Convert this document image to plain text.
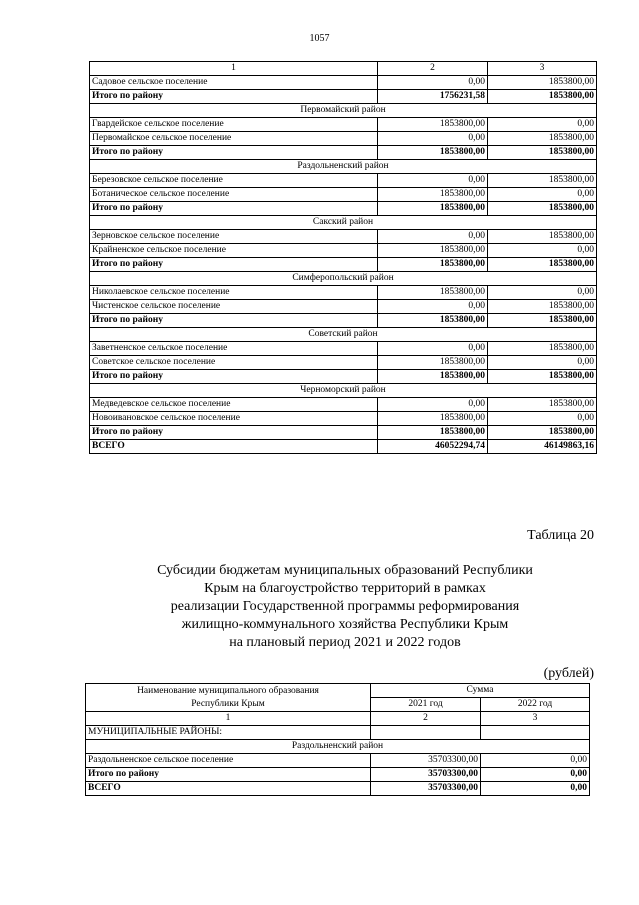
1057
1	2	3
Садовое сельское поселение	0,00	1853800,00
Итого по району	1756231,58	1853800,00
Первомайский район		
Гвардейское сельское поселение	1853800,00	0,00
Первомайское сельское поселение	0,00	1853800,00
Итого по району	1853800,00	1853800,00
Раздольненский район		
Березовское сельское поселение	0,00	1853800,00
Ботаническое сельское поселение	1853800,00	0,00
Итого по району	1853800,00	1853800,00
Сакский район		
Зерновское сельское поселение	0,00	1853800,00
Крайненское сельское поселение	1853800,00	0,00
Итого по району	1853800,00	1853800,00
Симферопольский район		
Николаевское сельское поселение	1853800,00	0,00
Чистенское сельское поселение	0,00	1853800,00
Итого по району	1853800,00	1853800,00
Советский район		
Заветненское сельское поселение	0,00	1853800,00
Советское сельское поселение	1853800,00	0,00
Итого по району	1853800,00	1853800,00
Черноморский район		
Медведевское сельское поселение	0,00	1853800,00
Новоивановское сельское поселение	1853800,00	0,00
Итого по району	1853800,00	1853800,00
ВСЕГО	46052294,74	46149863,16
Таблица 20
Субсидии бюджетам муниципальных образований Республики
Крым на благоустройство территорий в рамках
реализации Государственной программы реформирования
жилищно-коммунального хозяйства Республики Крым
на плановый период 2021 и 2022 годов
(рублей)
Наименование муниципального образования
Республики Крым	Сумма	
	2021 год	2022 год
1	2	3
МУНИЦИПАЛЬНЫЕ РАЙОНЫ:		
Раздольненский район		
Раздольненское сельское поселение	35703300,00	0,00
Итого по району	35703300,00	0,00
ВСЕГО	35703300,00	0,00
